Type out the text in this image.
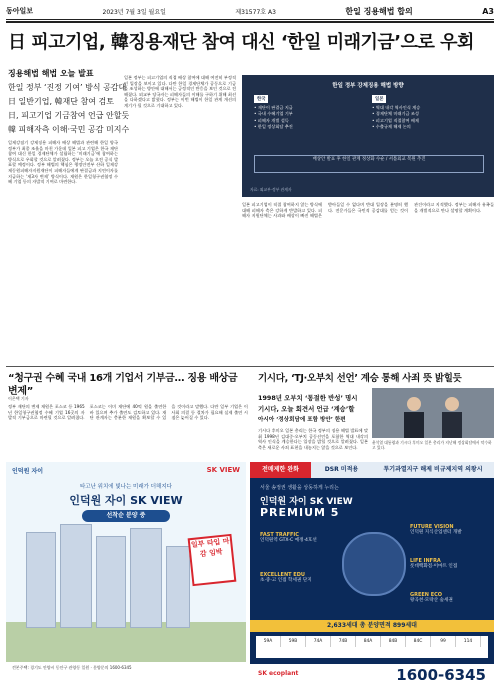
동아일보	2023년 7월 3일 월요일	제31577호 A3	한일 징용해법 합의	A3
日 피고기업, 韓징용재단 참여 대신 ‘한일 미래기금’으로 우회
징용해법 해법 오늘 발표
한일 정부 ‘진정 기여’ 방식 공감대
日 일반기업, 韓재단 참여 검토
日, 피고기업 기금참여 언급 안할듯
韓 피해자측 이해·국민 공감 미지수
일제강점기 강제징용 피해자 배상 해법과 관련해 한일 양국 정부가 최종 조율을 마친 가운데 일본 피고 기업은 한국 재단 참여 대신 한일 경제단체가 설립하는 ‘미래기금’에 참여하는 방식으로 우회할 것으로 알려졌다. 정부는 오늘 오전 공식 발표할 예정이다. 정부 해법의 핵심은 행정안전부 산하 일제강제동원피해자지원재단이 피해자들에게 판결금과 지연이자를 지급하는 ‘제3자 변제’ 방식이다. 재원은 한일청구권협정 수혜 기업 등의 자발적 기여로 마련한다.
일본 정부는 피고기업의 직접 배상 참여에 대해 여전히 부정적인 입장을 보이고 있다. 다만 한일 경제단체가 공동으로 기금을 조성하는 방안에 대해서는 긍정적인 반응을 보인 것으로 전해졌다. 외교부 당국자는 피해자들의 이해를 구하기 위해 최선을 다하겠다고 밝혔다. 정부는 이번 해법이 한일 관계 개선의 계기가 될 것으로 기대하고 있다.
한일 정부 강제징용 해법 방향
한국
• 재단이 판결금 지급
• 국내 수혜기업 기부
• 피해자 개별 설득
• 한일 정상회담 추진
일본
• 역대 내각 역사인식 계승
• 경제단체 미래기금 조성
• 피고기업 직접참여 배제
• 수출규제 해제 논의
배상안 발표 후 한일 관계 정상화 수순 / 셔틀외교 복원 추진
자료: 외교부·정부 관계자
일본 피고기업이 직접 참여하지 않는 방식에 대해 피해자 측은 강하게 반발하고 있다. 피해자 지원단체는 사과와 배상이 빠진 해법은 받아들일 수 없다며 반대 입장을 분명히 했다. 전문가들은 국민적 공감대를 얻는 것이 관건이라고 지적했다. 정부는 피해자 유족들을 개별적으로 만나 설명할 계획이다.
“청구권 수혜 국내 16개 기업서 기부금… 징용 배상금 변제”
이은택 기자
정부 재단의 변제 재원은 포스코 등 1965년 한일청구권협정 수혜 기업 16곳의 자발적 기부금으로 마련될 것으로 알려졌다. 포스코는 이미 재단에 40억 원을 출연한 바 있으며 추가 출연도 검토하고 있다. 재단 관계자는 충분한 재원을 확보할 수 있을 것이라고 말했다. 다만 일부 기업은 이사회 의결 등 절차가 필요해 실제 출연 시점은 늦어질 수 있다.
기시다, ‘TJ·오부치 선언’ 계승 통해 사죄 뜻 밝힐듯
1998년 오부치 ‘통절한 반성’ 명시
기시다, 오늘 회견서 언급 ‘계승’할
아시아 ‘정상회담에 포함 방안’ 한편
윤석열 대통령과 기시다 후미오 일본 총리가 지난해 정상회담에서 악수하고 있다.
기시다 후미오 일본 총리는 한국 정부의 징용 해법 발표에 맞춰 1998년 김대중-오부치 공동선언을 포함한 역대 내각의 역사 인식을 계승한다는 입장을 밝힐 것으로 알려졌다. 일본 측은 새로운 사죄 표현을 내놓지는 않을 것으로 보인다.
인덕원 자이	SK VIEW
타고난 위치에 빛나는 미래가 더해지다
인덕원 자이 SK VIEW
선착순 분양 중
일부 타입 마감 임박
견본주택: 경기도 안양시 동안구 관양동 일원 · 분양문의 1600-6345
전매제한 완화	DSR 미적용	투기과열지구 해제 비규제지역 의왕시
서울 송정권 생활을 상동하게 누리는
인덕원 자이 SK VIEW
PREMIUM 5
FAST TRAFFIC
인덕원역 GTX-C 예정·4호선
EXCELLENT EDU
초·중·고 인접 학세권 단지
FUTURE VISION
인덕원 지식산업센터 개발
LIFE INFRA
롯데백화점·이마트 인접
GREEN ECO
왕곡천·모락산 숲세권
2,633세대 총 분양면적 899세대
59A	59B	74A	74B	84A	84B	84C	99	114
SK ecoplant	1600-6345
